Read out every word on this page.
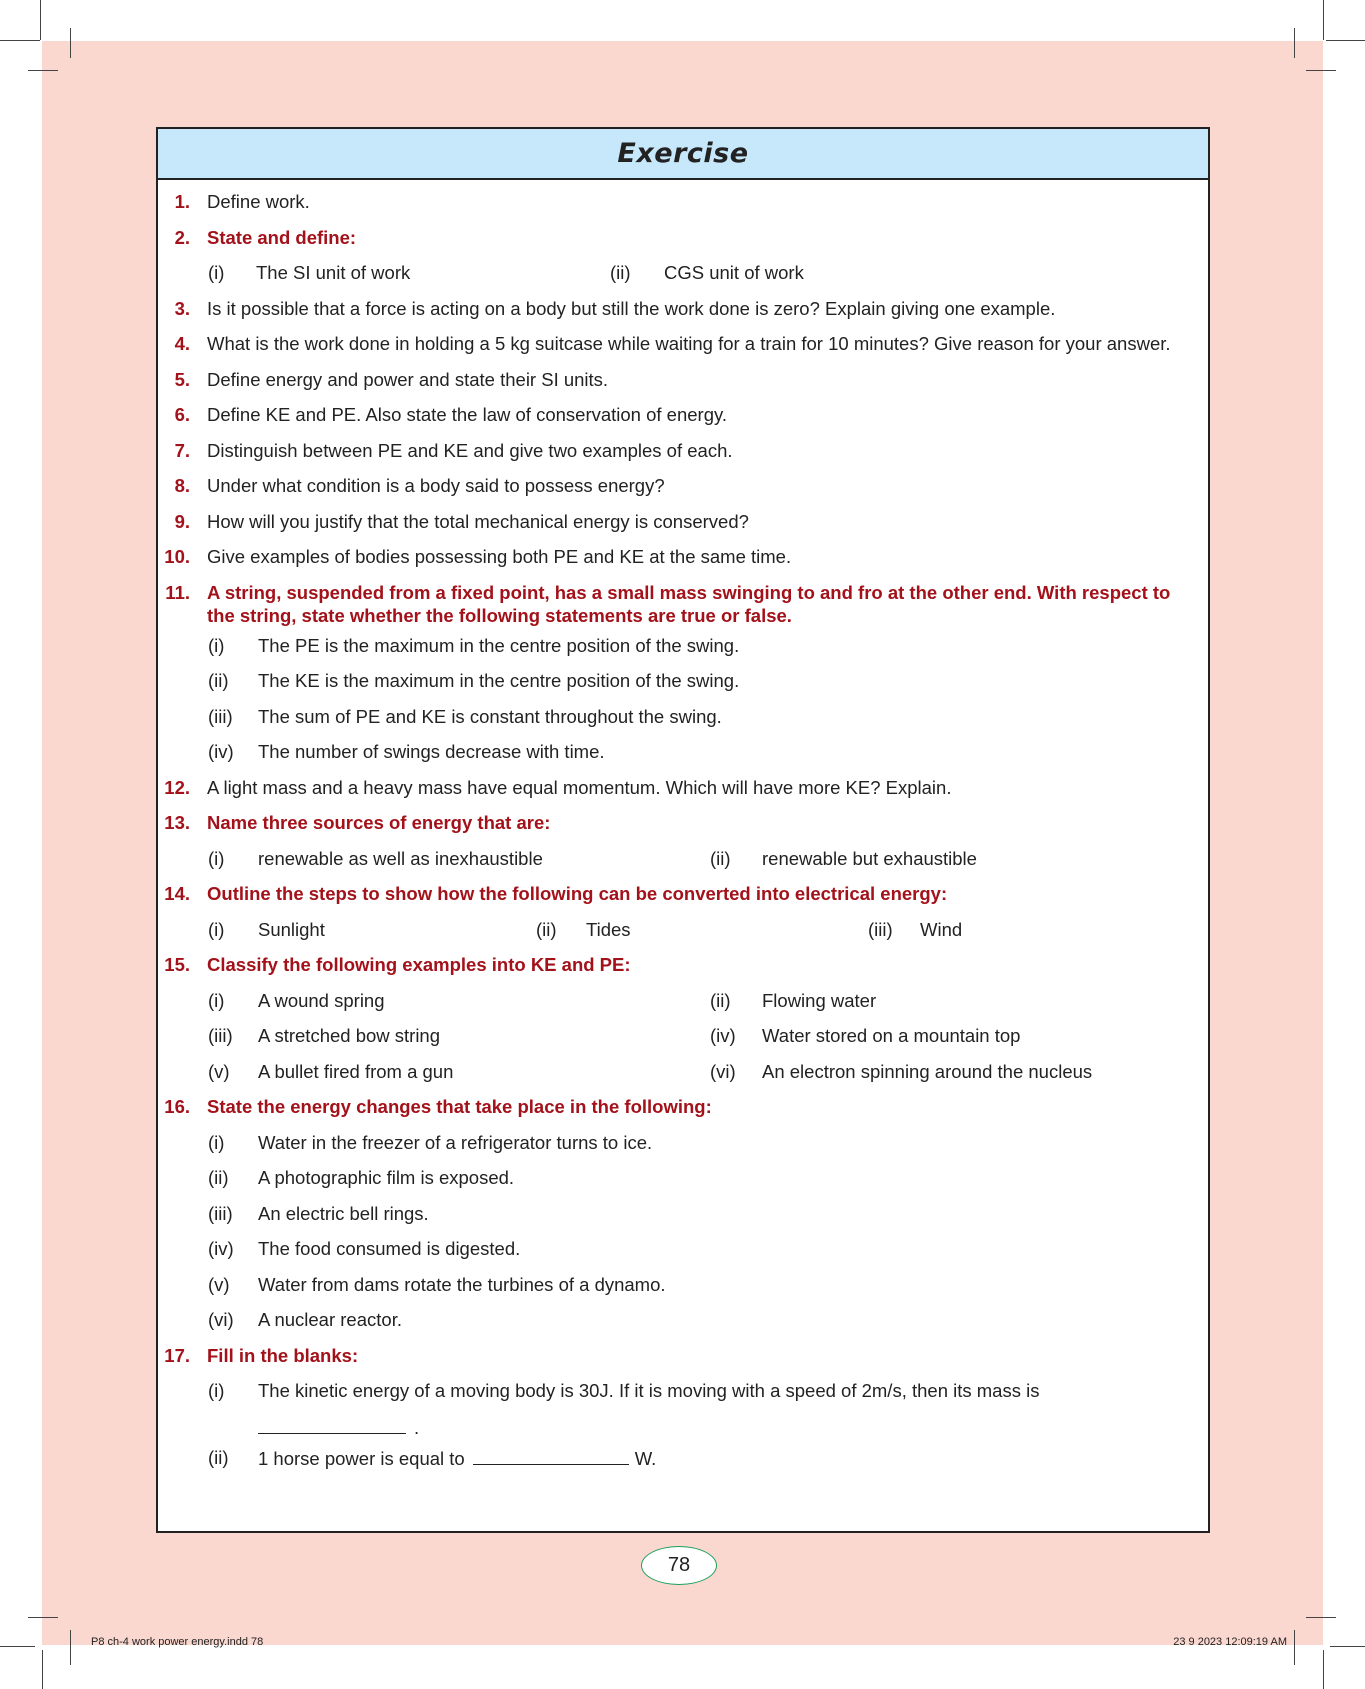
Exercise
1. Define work.
2. State and define:
(i) The SI unit of work	(ii) CGS unit of work
3. Is it possible that a force is acting on a body but still the work done is zero? Explain giving one example.
4. What is the work done in holding a 5 kg suitcase while waiting for a train for 10 minutes? Give reason for your answer.
5. Define energy and power and state their SI units.
6. Define KE and PE. Also state the law of conservation of energy.
7. Distinguish between PE and KE and give two examples of each.
8. Under what condition is a body said to possess energy?
9. How will you justify that the total mechanical energy is conserved?
10. Give examples of bodies possessing both PE and KE at the same time.
11. A string, suspended from a fixed point, has a small mass swinging to and fro at the other end. With respect to the string, state whether the following statements are true or false.
(i) The PE is the maximum in the centre position of the swing.
(ii) The KE is the maximum in the centre position of the swing.
(iii) The sum of PE and KE is constant throughout the swing.
(iv) The number of swings decrease with time.
12. A light mass and a heavy mass have equal momentum. Which will have more KE? Explain.
13. Name three sources of energy that are:
(i) renewable as well as inexhaustible	(ii) renewable but exhaustible
14. Outline the steps to show how the following can be converted into electrical energy:
(i) Sunlight	(ii) Tides	(iii) Wind
15. Classify the following examples into KE and PE:
(i) A wound spring	(ii) Flowing water
(iii) A stretched bow string	(iv) Water stored on a mountain top
(v) A bullet fired from a gun	(vi) An electron spinning around the nucleus
16. State the energy changes that take place in the following:
(i) Water in the freezer of a refrigerator turns to ice.
(ii) A photographic film is exposed.
(iii) An electric bell rings.
(iv) The food consumed is digested.
(v) Water from dams rotate the turbines of a dynamo.
(vi) A nuclear reactor.
17. Fill in the blanks:
(i) The kinetic energy of a moving body is 30J. If it is moving with a speed of 2m/s, then its mass is
.
(ii) 1 horse power is equal to	W.
78
P8 ch-4 work power energy.indd 78	23 9 2023 12:09:19 AM
